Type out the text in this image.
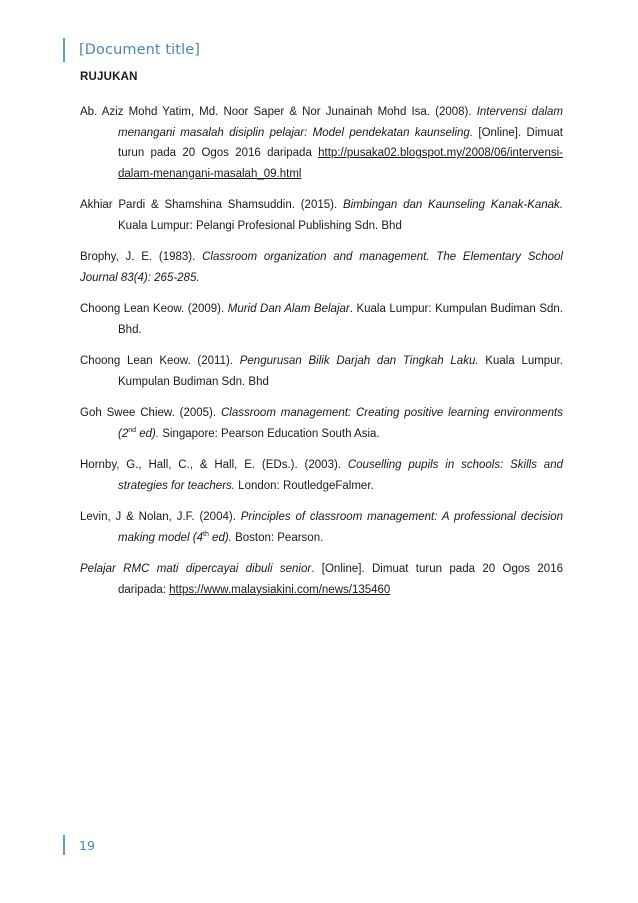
[Document title]
RUJUKAN

Ab. Aziz Mohd Yatim, Md. Noor Saper & Nor Junainah Mohd Isa. (2008). Intervensi dalam menangani masalah disiplin pelajar: Model pendekatan kaunseling. [Online]. Dimuat turun pada 20 Ogos 2016 daripada http://pusaka02.blogspot.my/2008/06/intervensi-dalam-menangani-masalah_09.html

Akhiar Pardi & Shamshina Shamsuddin. (2015). Bimbingan dan Kaunseling Kanak-Kanak. Kuala Lumpur: Pelangi Profesional Publishing Sdn. Bhd

Brophy, J. E. (1983). Classroom organization and management. The Elementary School Journal 83(4): 265-285.

Choong Lean Keow. (2009). Murid Dan Alam Belajar. Kuala Lumpur: Kumpulan Budiman Sdn. Bhd.

Choong Lean Keow. (2011). Pengurusan Bilik Darjah dan Tingkah Laku. Kuala Lumpur. Kumpulan Budiman Sdn. Bhd

Goh Swee Chiew. (2005). Classroom management: Creating positive learning environments (2nd ed). Singapore: Pearson Education South Asia.

Hornby, G., Hall, C., & Hall, E. (EDs.). (2003). Couselling pupils in schools: Skills and strategies for teachers. London: RoutledgeFalmer.

Levin, J & Nolan, J.F. (2004). Principles of classroom management: A professional decision making model (4th ed). Boston: Pearson.

Pelajar RMC mati dipercayai dibuli senior. [Online]. Dimuat turun pada 20 Ogos 2016 daripada: https://www.malaysiakini.com/news/135460

19
